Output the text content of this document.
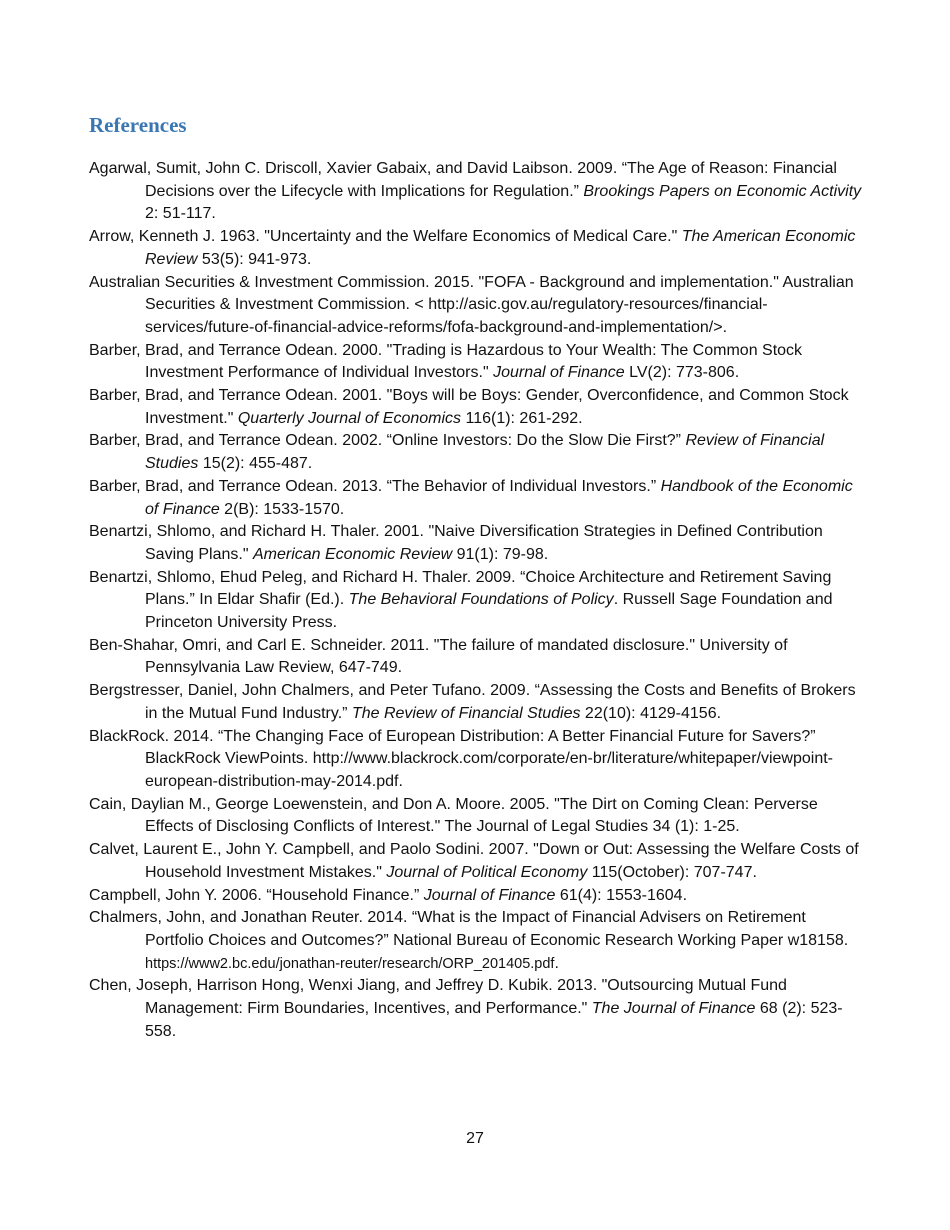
References

Agarwal, Sumit, John C. Driscoll, Xavier Gabaix, and David Laibson. 2009. “The Age of Reason: Financial Decisions over the Lifecycle with Implications for Regulation.” Brookings Papers on Economic Activity 2: 51-117.

Arrow, Kenneth J. 1963. "Uncertainty and the Welfare Economics of Medical Care." The American Economic Review 53(5): 941-973.

Australian Securities & Investment Commission. 2015. "FOFA - Background and implementation." Australian Securities & Investment Commission. < http://asic.gov.au/regulatory-resources/financial-services/future-of-financial-advice-reforms/fofa-background-and-implementation/>.

Barber, Brad, and Terrance Odean. 2000. "Trading is Hazardous to Your Wealth: The Common Stock Investment Performance of Individual Investors." Journal of Finance LV(2): 773-806.

Barber, Brad, and Terrance Odean. 2001. "Boys will be Boys: Gender, Overconfidence, and Common Stock Investment." Quarterly Journal of Economics 116(1): 261-292.

Barber, Brad, and Terrance Odean. 2002. “Online Investors: Do the Slow Die First?” Review of Financial Studies 15(2): 455-487.

Barber, Brad, and Terrance Odean. 2013. “The Behavior of Individual Investors.” Handbook of the Economic of Finance 2(B): 1533-1570.

Benartzi, Shlomo, and Richard H. Thaler. 2001. "Naive Diversification Strategies in Defined Contribution Saving Plans." American Economic Review 91(1): 79-98.

Benartzi, Shlomo, Ehud Peleg, and Richard H. Thaler. 2009. “Choice Architecture and Retirement Saving Plans.” In Eldar Shafir (Ed.). The Behavioral Foundations of Policy. Russell Sage Foundation and Princeton University Press.

Ben-Shahar, Omri, and Carl E. Schneider. 2011. "The failure of mandated disclosure." University of Pennsylvania Law Review, 647-749.

Bergstresser, Daniel, John Chalmers, and Peter Tufano. 2009. “Assessing the Costs and Benefits of Brokers in the Mutual Fund Industry.” The Review of Financial Studies 22(10): 4129-4156.

BlackRock. 2014. “The Changing Face of European Distribution: A Better Financial Future for Savers?” BlackRock ViewPoints. http://www.blackrock.com/corporate/en-br/literature/whitepaper/viewpoint-european-distribution-may-2014.pdf.

Cain, Daylian M., George Loewenstein, and Don A. Moore. 2005. "The Dirt on Coming Clean: Perverse Effects of Disclosing Conflicts of Interest." The Journal of Legal Studies 34 (1): 1-25.

Calvet, Laurent E., John Y. Campbell, and Paolo Sodini. 2007. "Down or Out: Assessing the Welfare Costs of Household Investment Mistakes." Journal of Political Economy 115(October): 707-747.

Campbell, John Y. 2006. “Household Finance.” Journal of Finance 61(4): 1553-1604.

Chalmers, John, and Jonathan Reuter. 2014. “What is the Impact of Financial Advisers on Retirement Portfolio Choices and Outcomes?” National Bureau of Economic Research Working Paper w18158. https://www2.bc.edu/jonathan-reuter/research/ORP_201405.pdf.

Chen, Joseph, Harrison Hong, Wenxi Jiang, and Jeffrey D. Kubik. 2013. "Outsourcing Mutual Fund Management: Firm Boundaries, Incentives, and Performance." The Journal of Finance 68 (2): 523-558.

27
